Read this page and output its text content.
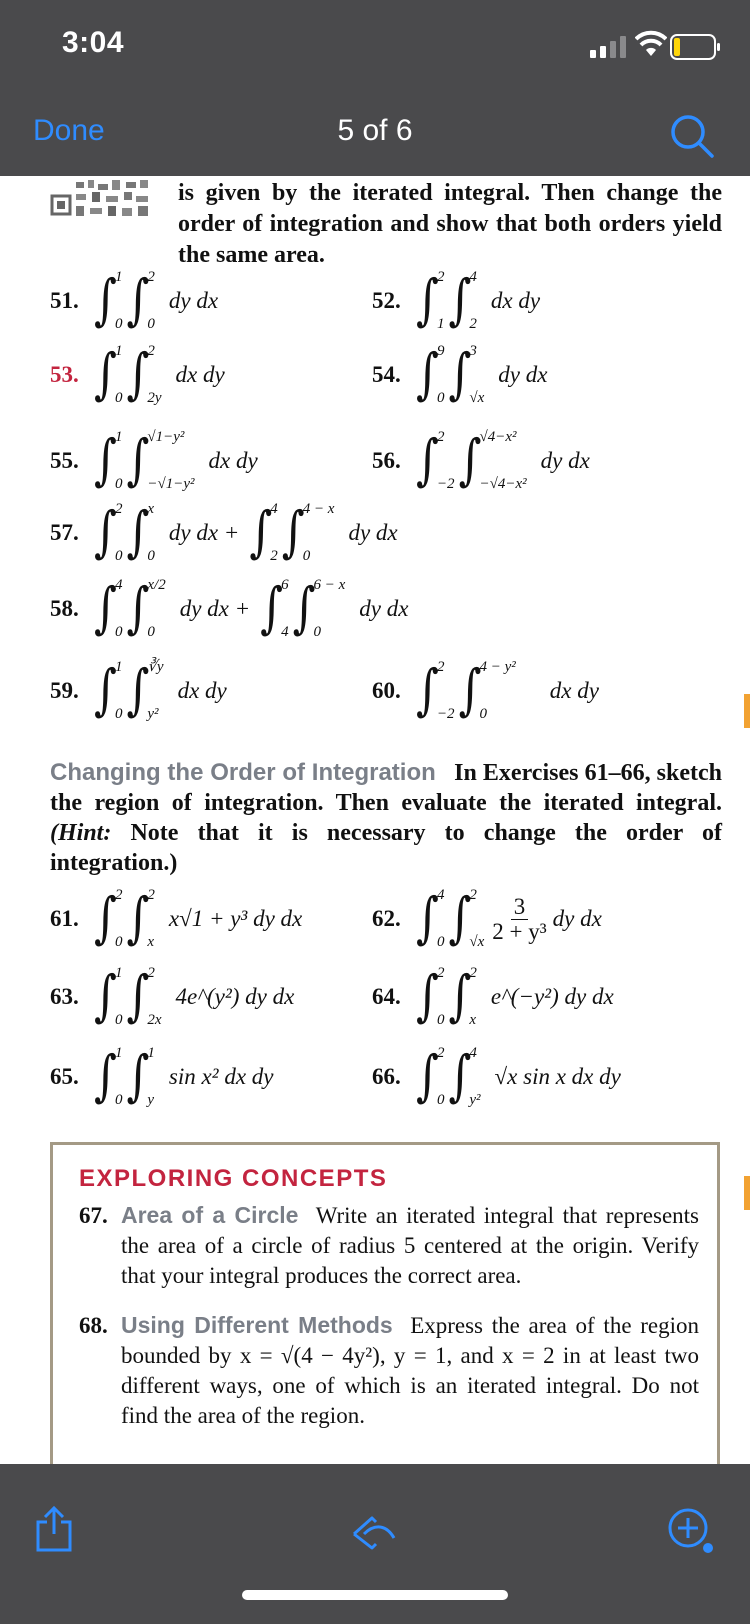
3:04
Done	5 of 6
is given by the iterated integral. Then change the order of integration and show that both orders yield the same area.
51. ∫
1
0 ∫
2
0
dy dx	52. ∫
2
1 ∫
4
2
dx dy
53. ∫
1
0 ∫
2
2y
dx dy	54. ∫
9
0 ∫
3
√x
dy dx
55. ∫
1
0 ∫
√1−y²
−√1−y²
dx dy	56. ∫
2
−2 ∫
√4−x²
−√4−x²
dy dx
57. ∫
2
0 ∫
x
0
dy dx + ∫
4
2 ∫
4 − x
0
dy dx
58. ∫
4
0 ∫
x/2
0
dy dx + ∫
6
4 ∫
6 − x
0
dy dx
59. ∫
1
0 ∫
∛y
y²
dx dy	60. ∫
2
−2 ∫
4 − y²
0
dx dy
Changing the Order of Integration In Exercises 61–66, sketch the region of integration. Then evaluate the iterated integral. (Hint: Note that it is necessary to change the order of integration.)
61. ∫
2
0 ∫
2
x
x√1 + y³ dy dx	62. ∫
4
0 ∫
2
$√x \frac{3}{\text{2 + y³}}$ dy dx
63. ∫
1
0 ∫
2
2x
4e^(y²) dy dx	64. ∫
2
0 ∫
2
x
e^(−y²) dy dx
65. ∫
1
0 ∫
1
y
sin x² dx dy	66. ∫
2
0 ∫
4
y²
√x sin x dx dy
EXPLORING CONCEPTS
67. Area of a Circle Write an iterated integral that represents the area of a circle of radius 5 centered at the origin. Verify that your integral produces the correct area.
68. Using Different Methods Express the area of the region bounded by x = √(4 − 4y²), y = 1, and x = 2 in at least two different ways, one of which is an iterated integral. Do not find the area of the region.
